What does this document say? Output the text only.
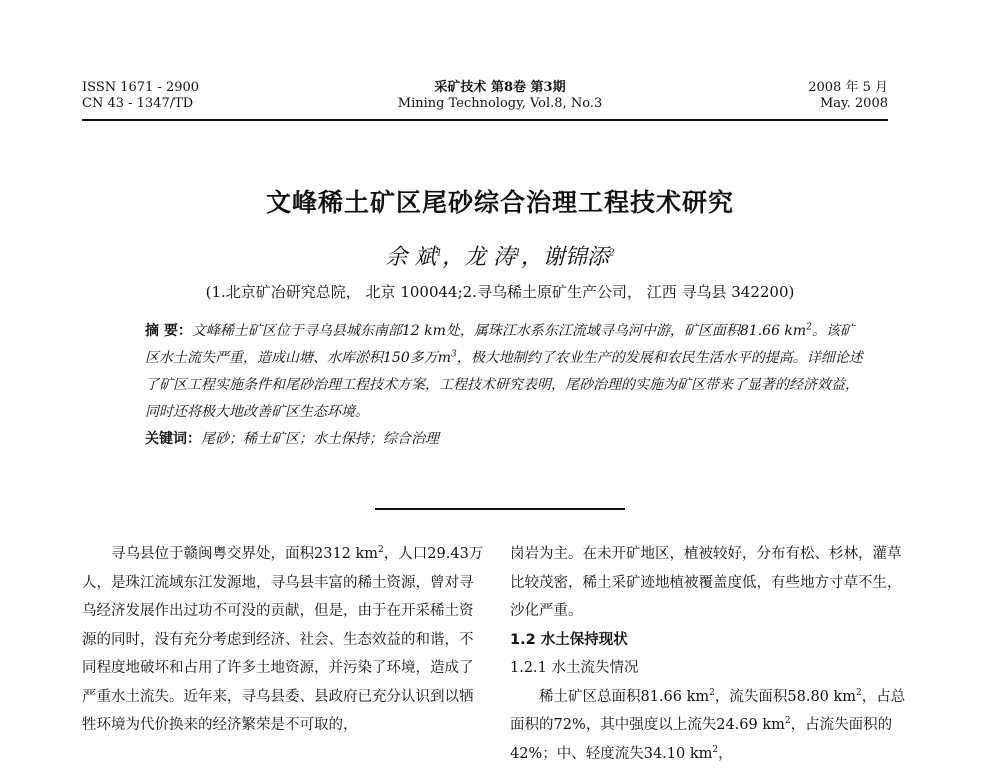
ISSN 1671 - 2900
CN 43 - 1347/TD
采矿技术 第8卷 第3期
Mining Technology, Vol.8, No.3
2008 年 5 月
May. 2008
文峰稀土矿区尾砂综合治理工程技术研究
余 斌$^1$，龙 涛$^1$，谢锦添$^2$
(1.北京矿冶研究总院， 北京 100044;2.寻乌稀土原矿生产公司， 江西 寻乌县 342200)
摘 要：文峰稀土矿区位于寻乌县城东南部12 km处，属珠江水系东江流域寻乌河中游，矿区面积81.66 $km^2$。该矿区水土流失严重，造成山塘、水库淤积150多万$m^3$，极大地制约了农业生产的发展和农民生活水平的提高。详细论述了矿区工程实施条件和尾砂治理工程技术方案，工程技术研究表明，尾砂治理的实施为矿区带来了显著的经济效益，同时还将极大地改善矿区生态环境。
关键词：尾砂；稀土矿区；水土保持；综合治理

寻乌县位于赣闽粤交界处，面积2312 $km^2$，人口29.43万人，是珠江流域东江发源地，寻乌县丰富的稀土资源，曾对寻乌经济发展作出过功不可没的贡献，但是，由于在开采稀土资源的同时，没有充分考虑到经济、社会、生态效益的和谐，不同程度地破坏和占用了许多土地资源，并污染了环境，造成了严重水土流失。近年来，寻乌县委、县政府已充分认识到以牺牲环境为代价换来的经济繁荣是不可取的，

岗岩为主。在未开矿地区，植被较好，分布有松、杉林，灌草比较茂密，稀土采矿迹地植被覆盖度低，有些地方寸草不生，沙化严重。

1.2 水土保持现状

1.2.1 水土流失情况

稀土矿区总面积81.66 $km^2$，流失面积58.80 $km^2$，占总面积的72%，其中强度以上流失24.69 $km^2$，占流失面积的42%；中、轻度流失34.10 $km^2$，
